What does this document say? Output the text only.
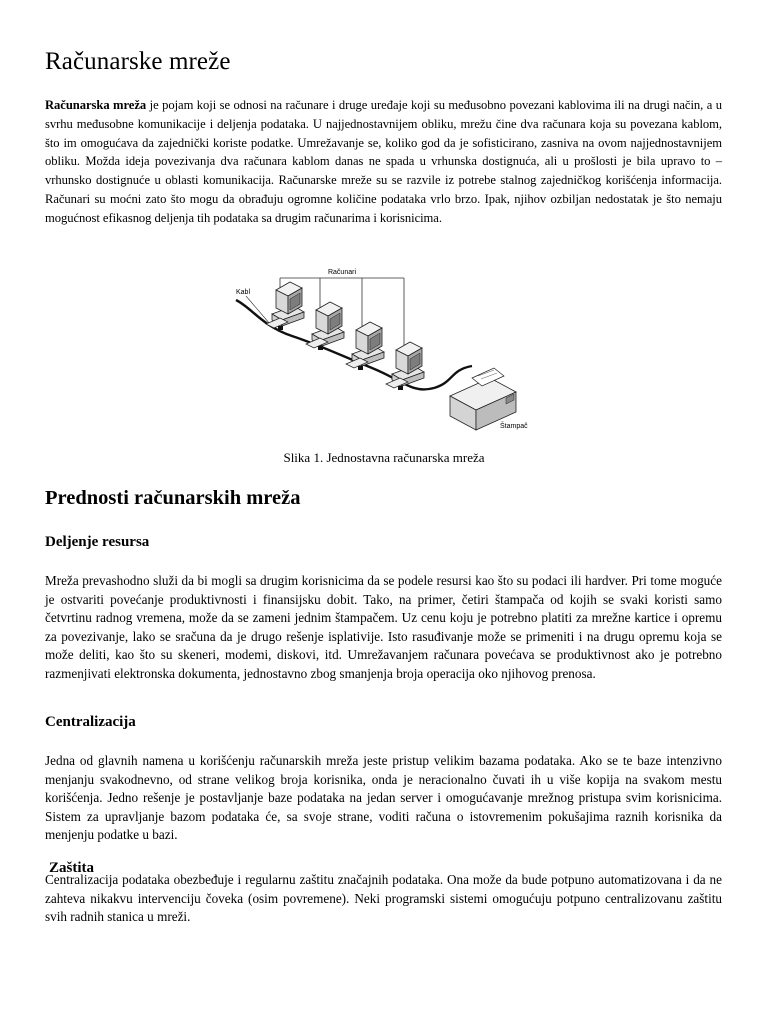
Računarske mreže

Računarska mreža je pojam koji se odnosi na računare i druge uređaje koji su međusobno povezani kablovima ili na drugi način, a u svrhu međusobne komunikacije i deljenja podataka. U najjednostavnijem obliku, mrežu čine dva računara koja su povezana kablom, što im omogućava da zajednički koriste podatke. Umrežavanje se, koliko god da je sofisticirano, zasniva na ovom najjednostavnijem obliku. Možda ideja povezivanja dva računara kablom danas ne spada u vrhunska dostignuća, ali u prošlosti je bila upravo to – vrhunsko dostignuće u oblasti komunikacija. Računarske mreže su se razvile iz potrebe stalnog zajedničkog korišćenja informacija. Računari su moćni zato što mogu da obrađuju ogromne količine podataka vrlo brzo. Ipak, njihov ozbiljan nedostatak je što nemaju mogućnost efikasnog deljenja tih podataka sa drugim računarima i korisnicima.

Računari
Kabl
Štampač

Slika 1. Jednostavna računarska mreža

Prednosti računarskih mreža
Deljenje resursa

Mreža prevashodno služi da bi mogli sa drugim korisnicima da se podele resursi kao što su podaci ili hardver. Pri tome moguće je ostvariti povećanje produktivnosti i finansijsku dobit. Tako, na primer, četiri štampača od kojih se svaki koristi samo četvrtinu radnog vremena, može da se zameni jednim štampačem. Uz cenu koju je potrebno platiti za mrežne kartice i opremu za povezivanje, lako se sračuna da je drugo rešenje isplativije. Isto rasuđivanje može se primeniti i na drugu opremu koja se može deliti, kao što su skeneri, modemi, diskovi, itd. Umrežavanjem računara povećava se produktivnost ako je potrebno razmenjivati elektronska dokumenta, jednostavno zbog smanjenja broja operacija oko njihovog prenosa.

Centralizacija

Jedna od glavnih namena u korišćenju računarskih mreža jeste pristup velikim bazama podataka. Ako se te baze intenzivno menjanju svakodnevno, od strane velikog broja korisnika, onda je neracionalno čuvati ih u više kopija na svakom mestu korišćenja. Jedno rešenje je postavljanje baze podataka na jedan server i omogućavanje mrežnog pristupa svim korisnicima. Sistem za upravljanje bazom podataka će, sa svoje strane, voditi računa o istovremenim pokušajima raznih korisnika da menjenju podatke u bazi.

Zaštita

Centralizacija podataka obezbeđuje i regularnu zaštitu značajnih podataka. Ona može da bude potpuno automatizovana i da ne zahteva nikakvu intervenciju čoveka (osim povremene). Neki programski sistemi omogućuju potpuno centralizovanu zaštitu svih radnih stanica u mreži.
